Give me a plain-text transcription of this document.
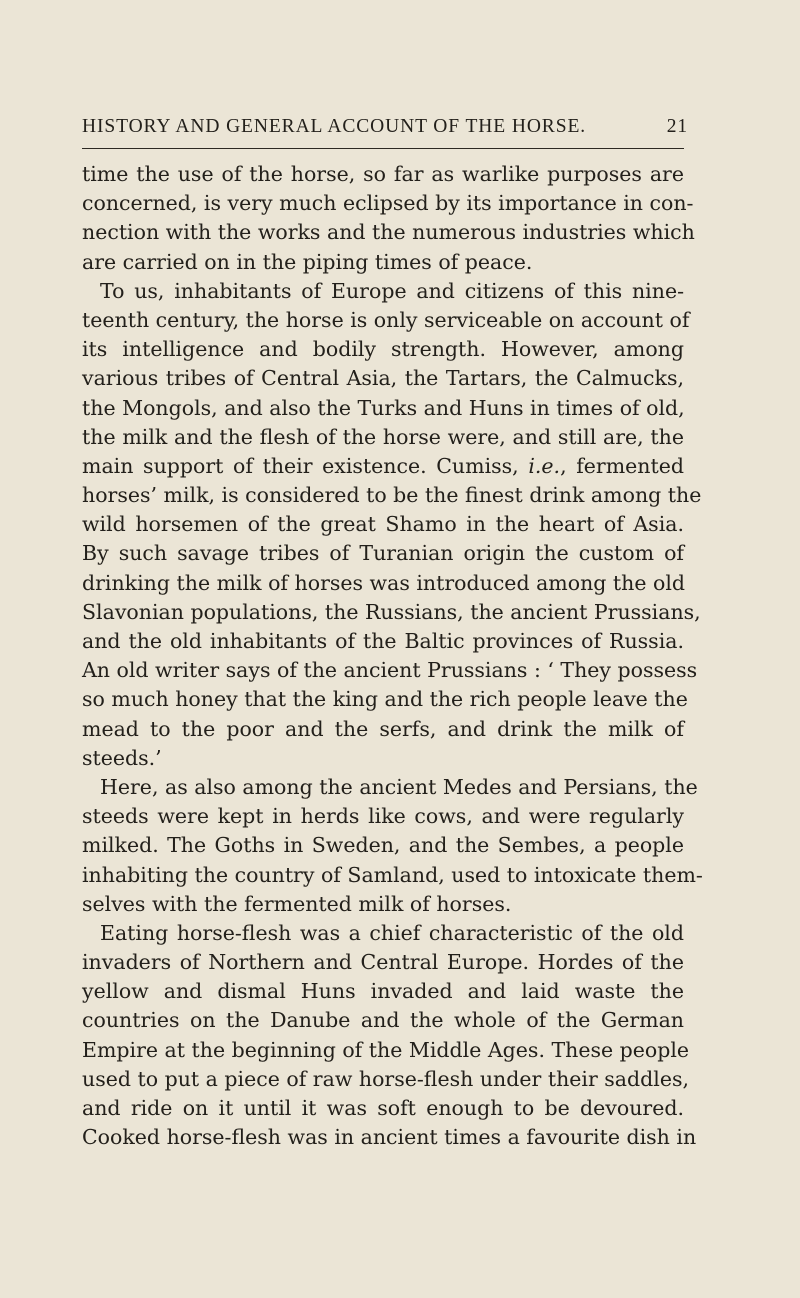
HISTORY AND GENERAL ACCOUNT OF THE HORSE.	21
time the use of the horse, so far as warlike purposes are
concerned, is very much eclipsed by its importance in con-
nection with the works and the numerous industries which
are carried on in the piping times of peace.
To us, inhabitants of Europe and citizens of this nine-
teenth century, the horse is only serviceable on account of
its intelligence and bodily strength. However, among
various tribes of Central Asia, the Tartars, the Calmucks,
the Mongols, and also the Turks and Huns in times of old,
the milk and the flesh of the horse were, and still are, the
main support of their existence. Cumiss, i.e., fermented
horses’ milk, is considered to be the finest drink among the
wild horsemen of the great Shamo in the heart of Asia.
By such savage tribes of Turanian origin the custom of
drinking the milk of horses was introduced among the old
Slavonian populations, the Russians, the ancient Prussians,
and the old inhabitants of the Baltic provinces of Russia.
An old writer says of the ancient Prussians : ‘ They possess
so much honey that the king and the rich people leave the
mead to the poor and the serfs, and drink the milk of
steeds.’
Here, as also among the ancient Medes and Persians, the
steeds were kept in herds like cows, and were regularly
milked. The Goths in Sweden, and the Sembes, a people
inhabiting the country of Samland, used to intoxicate them-
selves with the fermented milk of horses.
Eating horse-flesh was a chief characteristic of the old
invaders of Northern and Central Europe. Hordes of the
yellow and dismal Huns invaded and laid waste the
countries on the Danube and the whole of the German
Empire at the beginning of the Middle Ages. These people
used to put a piece of raw horse-flesh under their saddles,
and ride on it until it was soft enough to be devoured.
Cooked horse-flesh was in ancient times a favourite dish in
